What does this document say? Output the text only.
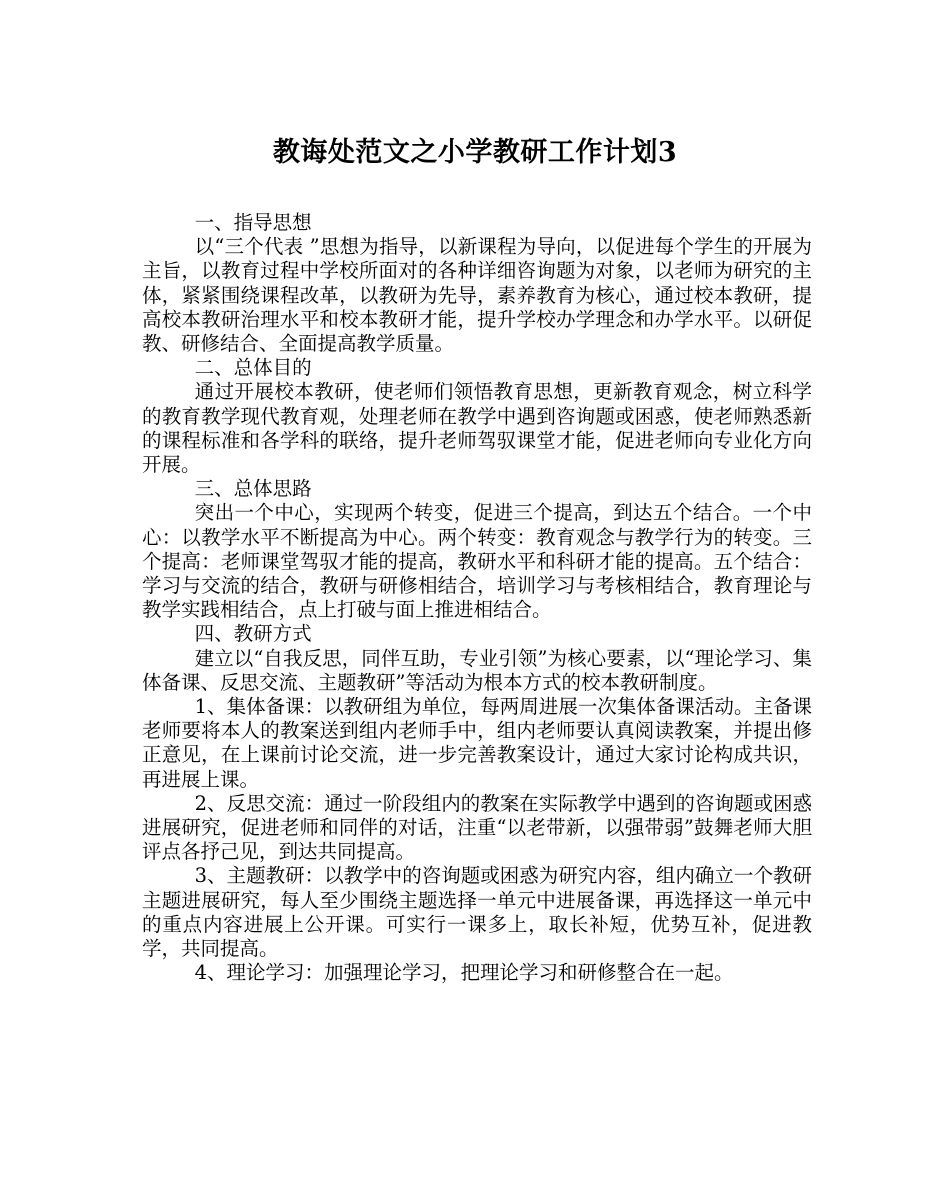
教诲处范文之小学教研工作计划3
一、指导思想
以“三个代表 ”思想为指导，以新课程为导向，以促进每个学生的开展为主旨，以教育过程中学校所面对的各种详细咨询题为对象，以老师为研究的主体，紧紧围绕课程改革，以教研为先导，素养教育为核心，通过校本教研，提高校本教研治理水平和校本教研才能，提升学校办学理念和办学水平。以研促教、研修结合、全面提高教学质量。
二、总体目的
通过开展校本教研，使老师们领悟教育思想，更新教育观念，树立科学的教育教学现代教育观，处理老师在教学中遇到咨询题或困惑，使老师熟悉新的课程标准和各学科的联络，提升老师驾驭课堂才能，促进老师向专业化方向开展。
三、总体思路
突出一个中心，实现两个转变，促进三个提高，到达五个结合。一个中心：以教学水平不断提高为中心。两个转变：教育观念与教学行为的转变。三个提高：老师课堂驾驭才能的提高，教研水平和科研才能的提高。五个结合：学习与交流的结合，教研与研修相结合，培训学习与考核相结合，教育理论与教学实践相结合，点上打破与面上推进相结合。
四、教研方式
建立以“自我反思，同伴互助，专业引领”为核心要素，以“理论学习、集体备课、反思交流、主题教研”等活动为根本方式的校本教研制度。
1、集体备课：以教研组为单位，每两周进展一次集体备课活动。主备课老师要将本人的教案送到组内老师手中，组内老师要认真阅读教案，并提出修正意见，在上课前讨论交流，进一步完善教案设计，通过大家讨论构成共识，再进展上课。
2、反思交流：通过一阶段组内的教案在实际教学中遇到的咨询题或困惑进展研究，促进老师和同伴的对话，注重“以老带新，以强带弱”鼓舞老师大胆评点各抒己见，到达共同提高。
3、主题教研：以教学中的咨询题或困惑为研究内容，组内确立一个教研主题进展研究，每人至少围绕主题选择一单元中进展备课，再选择这一单元中的重点内容进展上公开课。可实行一课多上，取长补短，优势互补，促进教学，共同提高。
4、理论学习：加强理论学习，把理论学习和研修整合在一起。
